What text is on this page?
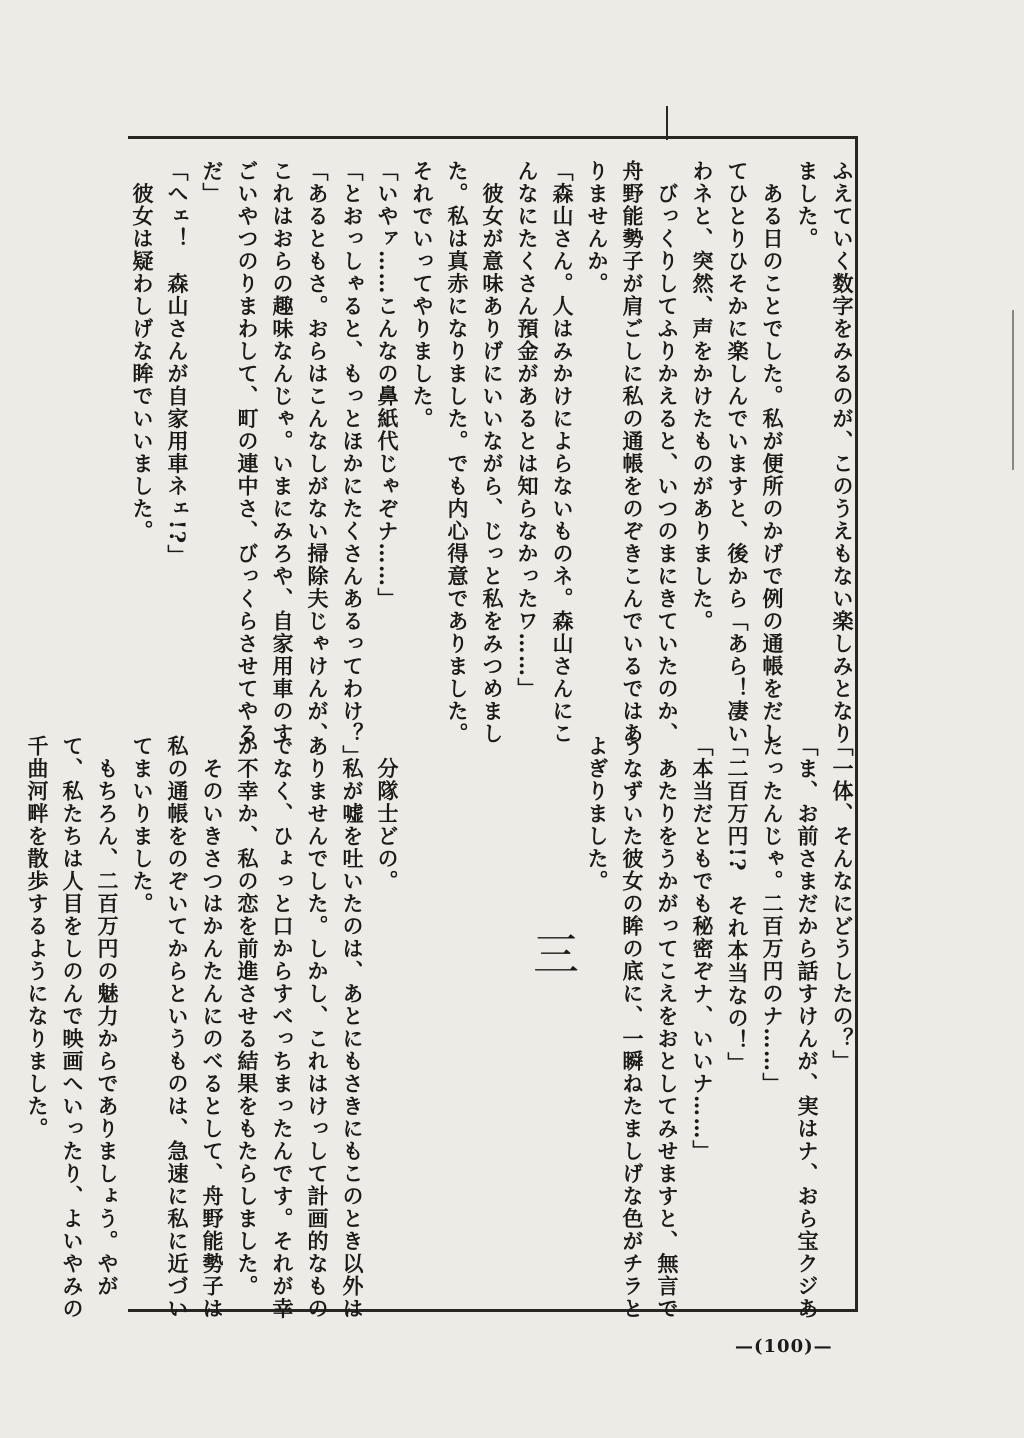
ふえていく数字をみるのが、このうえもない楽しみとなり
ました。
　ある日のことでした。私が便所のかげで例の通帳をだし
てひとりひそかに楽しんでいますと、後から「あら！凄い
わネと、突然、声をかけたものがありました。
　びっくりしてふりかえると、いつのまにきていたのか、
舟野能勢子が肩ごしに私の通帳をのぞきこんでいるではあ
りませんか。
「森山さん。人はみかけによらないものネ。森山さんにこ
んなにたくさん預金があるとは知らなかったワ……」
　彼女が意味ありげにいいながら、じっと私をみつめまし
た。私は真赤になりました。でも内心得意でありました。
それでいってやりました。
「いやァ……こんなの鼻紙代じゃぞナ……」
「とおっしゃると、もっとほかにたくさんあるってわけ？」
「あるともさ。おらはこんなしがない掃除夫じゃけんが、
これはおらの趣味なんじゃ。いまにみろや、自家用車のす
ごいやつのりまわして、町の連中さ、びっくらさせてやる
だ」
「へェ！　森山さんが自家用車ネェ!?」
　彼女は疑わしげな眸でいいました。
「一体、そんなにどうしたの？」
「ま、お前さまだから話すけんが、実はナ、おら宝クジあ
たったんじゃ。二百万円のナ……」
「二百万円!?　それ本当なの！」
「本当だともでも秘密ぞナ、いいナ……」
　あたりをうかがってこえをおとしてみせますと、無言で
うなずいた彼女の眸の底に、一瞬ねたましげな色がチラと
よぎりました。

　分隊士どの。
　私が嘘を吐いたのは、あとにもさきにもこのとき以外は
ありませんでした。しかし、これはけっして計画的なもの
でなく、ひょっと口からすべっちまったんです。それが幸
か不幸か、私の恋を前進させる結果をもたらしました。
　そのいきさつはかんたんにのべるとして、舟野能勢子は
私の通帳をのぞいてからというものは、急速に私に近づい
てまいりました。
　もちろん、二百万円の魅力からでありましょう。やが
て、私たちは人目をしのんで映画へいったり、よいやみの
千曲河畔を散歩するようになりました。	三
—(100)—
